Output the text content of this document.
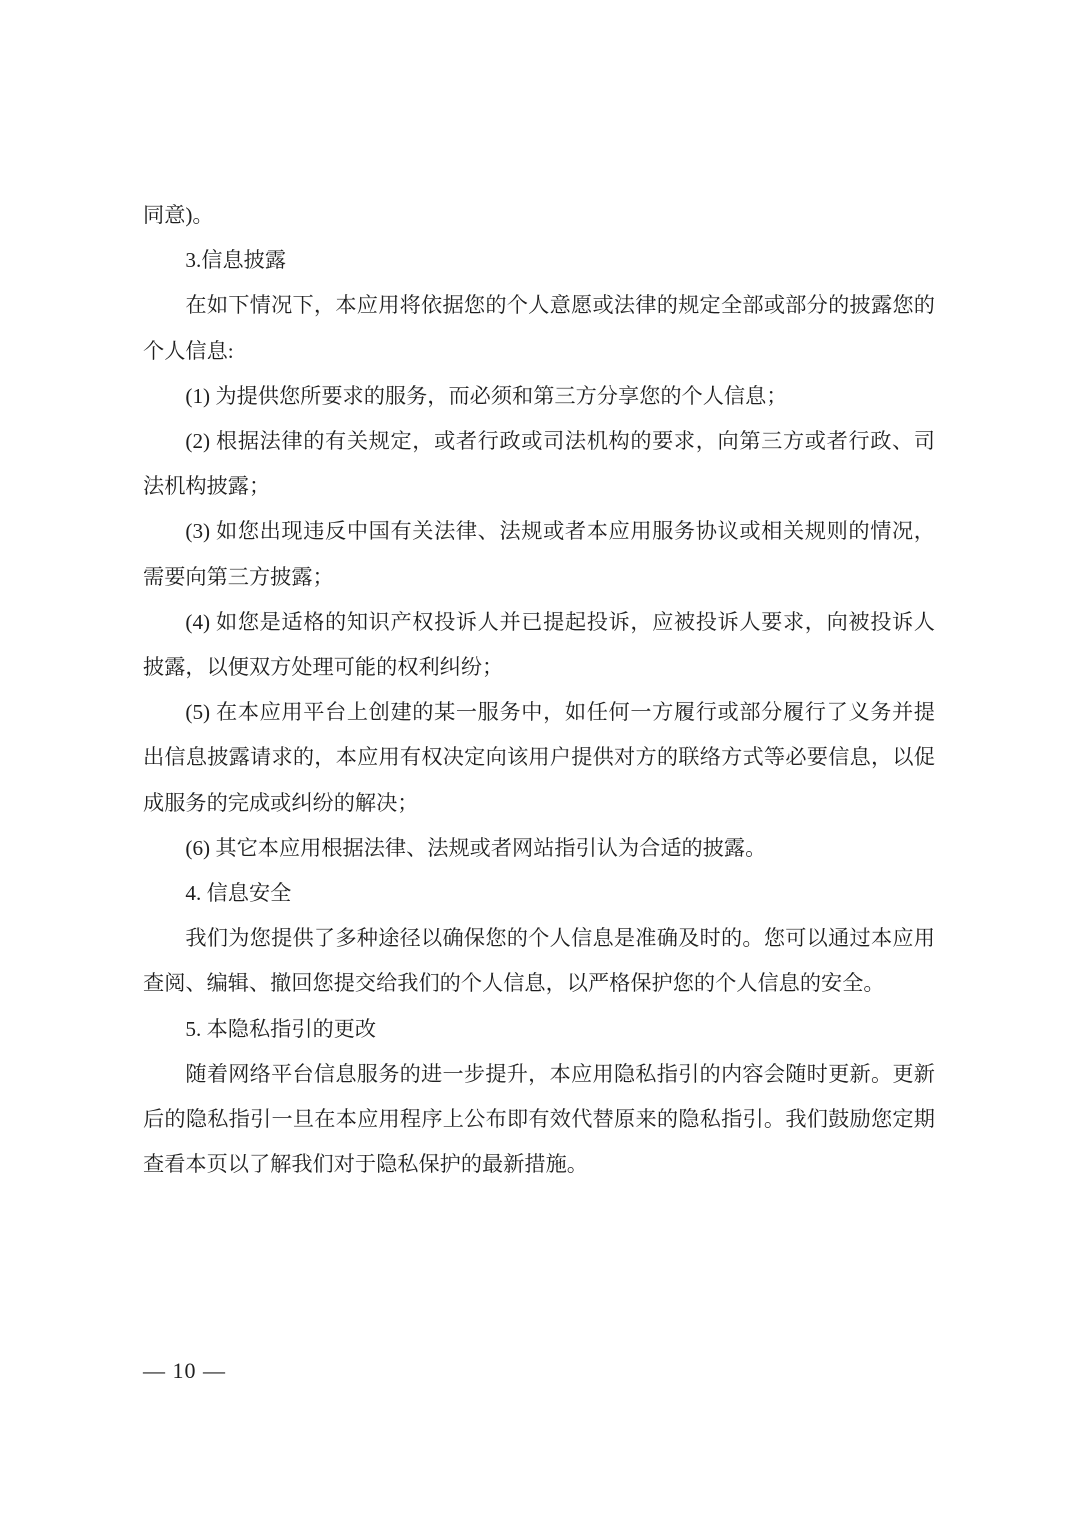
同意)。

3.信息披露

在如下情况下，本应用将依据您的个人意愿或法律的规定全部或部分的披露您的个人信息:

(1) 为提供您所要求的服务，而必须和第三方分享您的个人信息；

(2) 根据法律的有关规定，或者行政或司法机构的要求，向第三方或者行政、司法机构披露；

(3) 如您出现违反中国有关法律、法规或者本应用服务协议或相关规则的情况，需要向第三方披露；

(4) 如您是适格的知识产权投诉人并已提起投诉，应被投诉人要求，向被投诉人披露，以便双方处理可能的权利纠纷；

(5) 在本应用平台上创建的某一服务中，如任何一方履行或部分履行了义务并提出信息披露请求的，本应用有权决定向该用户提供对方的联络方式等必要信息，以促成服务的完成或纠纷的解决；

(6) 其它本应用根据法律、法规或者网站指引认为合适的披露。

4. 信息安全

我们为您提供了多种途径以确保您的个人信息是准确及时的。您可以通过本应用查阅、编辑、撤回您提交给我们的个人信息，以严格保护您的个人信息的安全。

5. 本隐私指引的更改

随着网络平台信息服务的进一步提升，本应用隐私指引的内容会随时更新。更新后的隐私指引一旦在本应用程序上公布即有效代替原来的隐私指引。我们鼓励您定期查看本页以了解我们对于隐私保护的最新措施。

— 10 —
